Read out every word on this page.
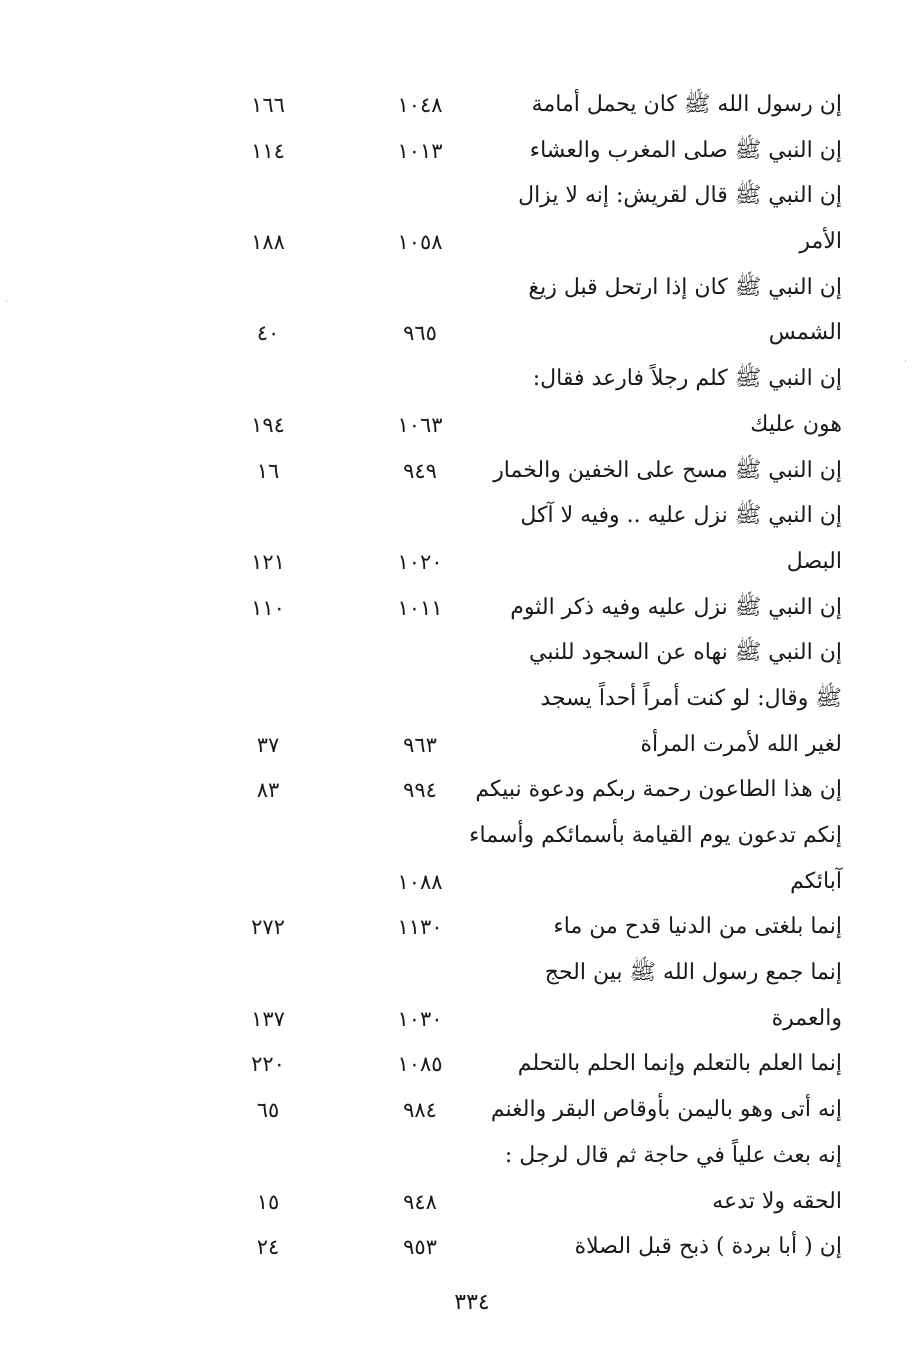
إن رسول الله ﷺ كان يحمل أمامة
١٠٤٨
١٦٦
إن النبي ﷺ صلى المغرب والعشاء
١٠١٣
١١٤
إن النبي ﷺ قال لقريش: إنه لا يزال
الأمر
١٠٥٨
١٨٨
إن النبي ﷺ كان إذا ارتحل قبل زيغ
الشمس
٩٦٥
٤٠
إن النبي ﷺ كلم رجلاً فارعد فقال:
هون عليك
١٠٦٣
١٩٤
إن النبي ﷺ مسح على الخفين والخمار
٩٤٩
١٦
إن النبي ﷺ نزل عليه .. وفيه لا آكل
البصل
١٠٢٠
١٢١
إن النبي ﷺ نزل عليه وفيه ذكر الثوم
١٠١١
١١٠
إن النبي ﷺ نهاه عن السجود للنبي
ﷺ وقال: لو كنت أمراً أحداً يسجد
لغير الله لأمرت المرأة
٩٦٣
٣٧
إن هذا الطاعون رحمة ربكم ودعوة نبيكم
٩٩٤
٨٣
إنكم تدعون يوم القيامة بأسمائكم وأسماء
آبائكم
١٠٨٨
إنما بلغتى من الدنيا قدح من ماء
١١٣٠
٢٧٢
إنما جمع رسول الله ﷺ بين الحج
والعمرة
١٠٣٠
١٣٧
إنما العلم بالتعلم وإنما الحلم بالتحلم
١٠٨٥
٢٢٠
إنه أتى وهو باليمن بأوقاص البقر والغنم
٩٨٤
٦٥
إنه بعث علياً في حاجة ثم قال لرجل :
الحقه ولا تدعه
٩٤٨
١٥
إن ( أبا بردة ) ذبح قبل الصلاة
٩٥٣
٢٤
٣٣٤
